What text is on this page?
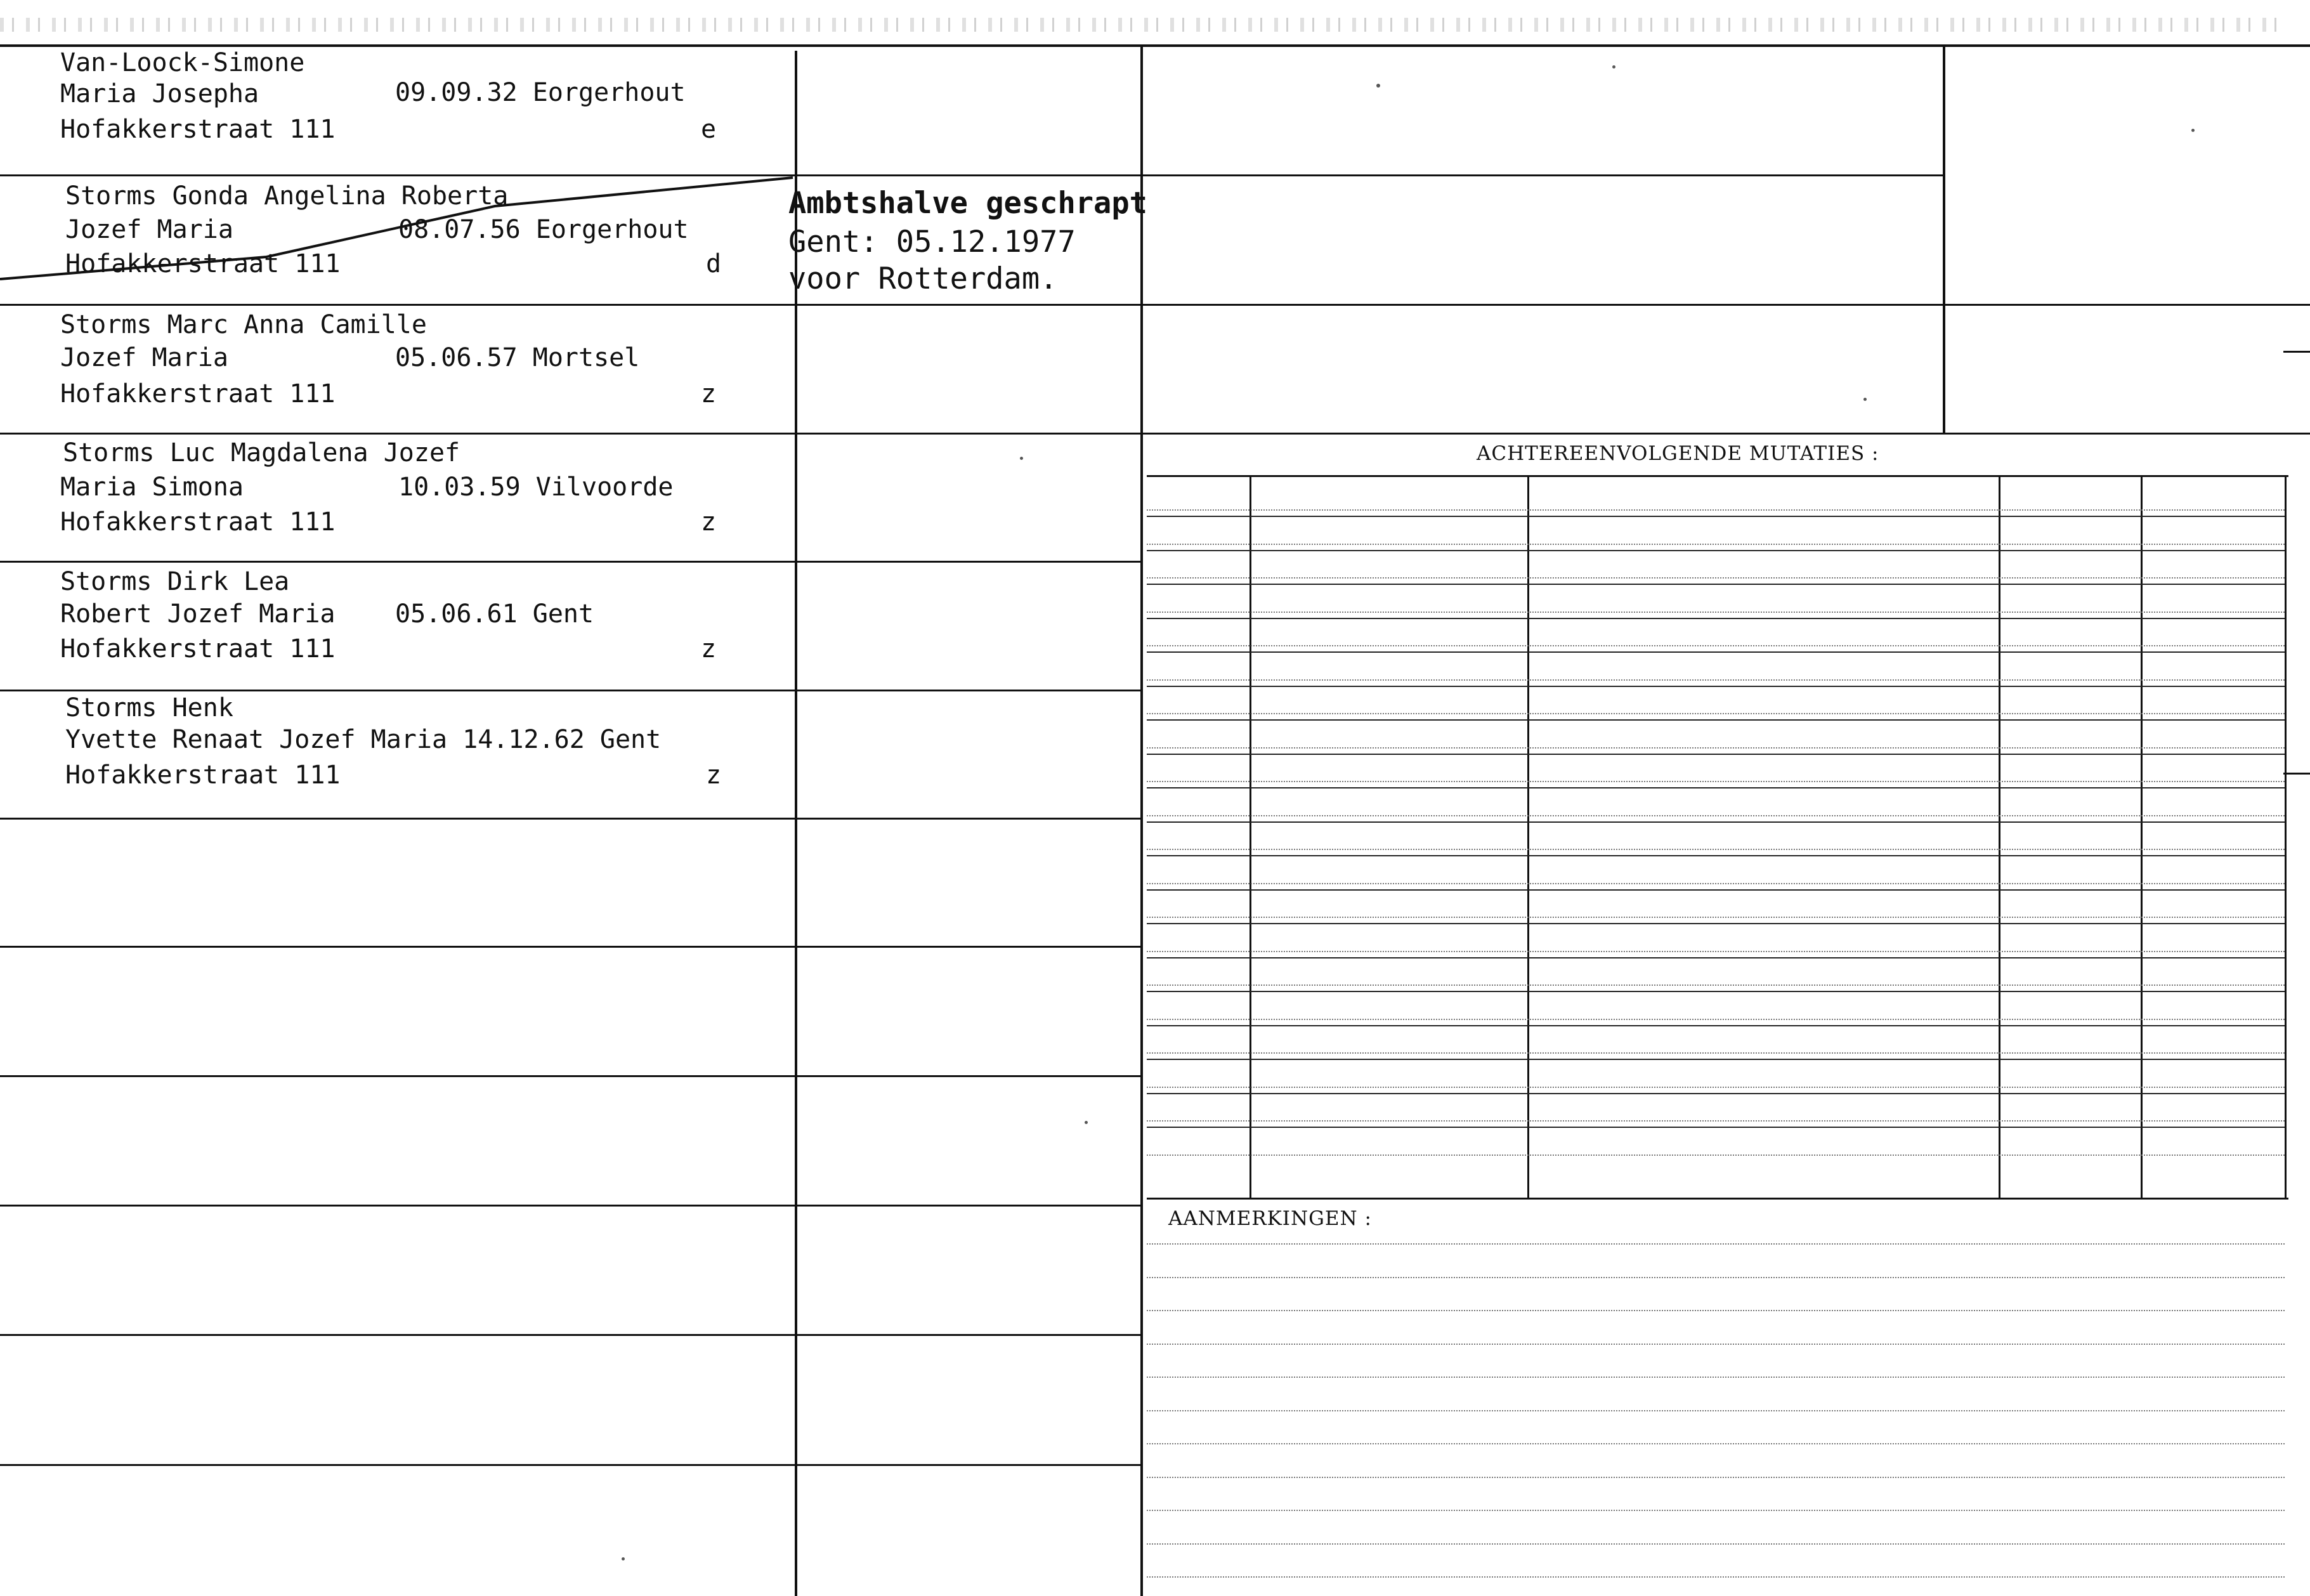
Van-Loock-Simone
Maria Josepha	09.09.32 Eorgerhout
Hofakkerstraat 111	e
Storms Gonda Angelina Roberta
Jozef Maria	08.07.56 Eorgerhout
Hofakkerstraat 111	d
Storms Marc Anna Camille
Jozef Maria	05.06.57 Mortsel
Hofakkerstraat 111	z
Storms Luc Magdalena Jozef
Maria Simona	10.03.59 Vilvoorde
Hofakkerstraat 111	z
Storms Dirk Lea
Robert Jozef Maria 05.06.61 Gent
Hofakkerstraat 111	z
Storms Henk
Yvette Renaat Jozef Maria 14.12.62 Gent
Hofakkerstraat 111	z
Ambtshalve geschrapt
Gent: 05.12.1977
voor Rotterdam.
ACHTEREENVOLGENDE MUTATIES :
AANMERKINGEN :
